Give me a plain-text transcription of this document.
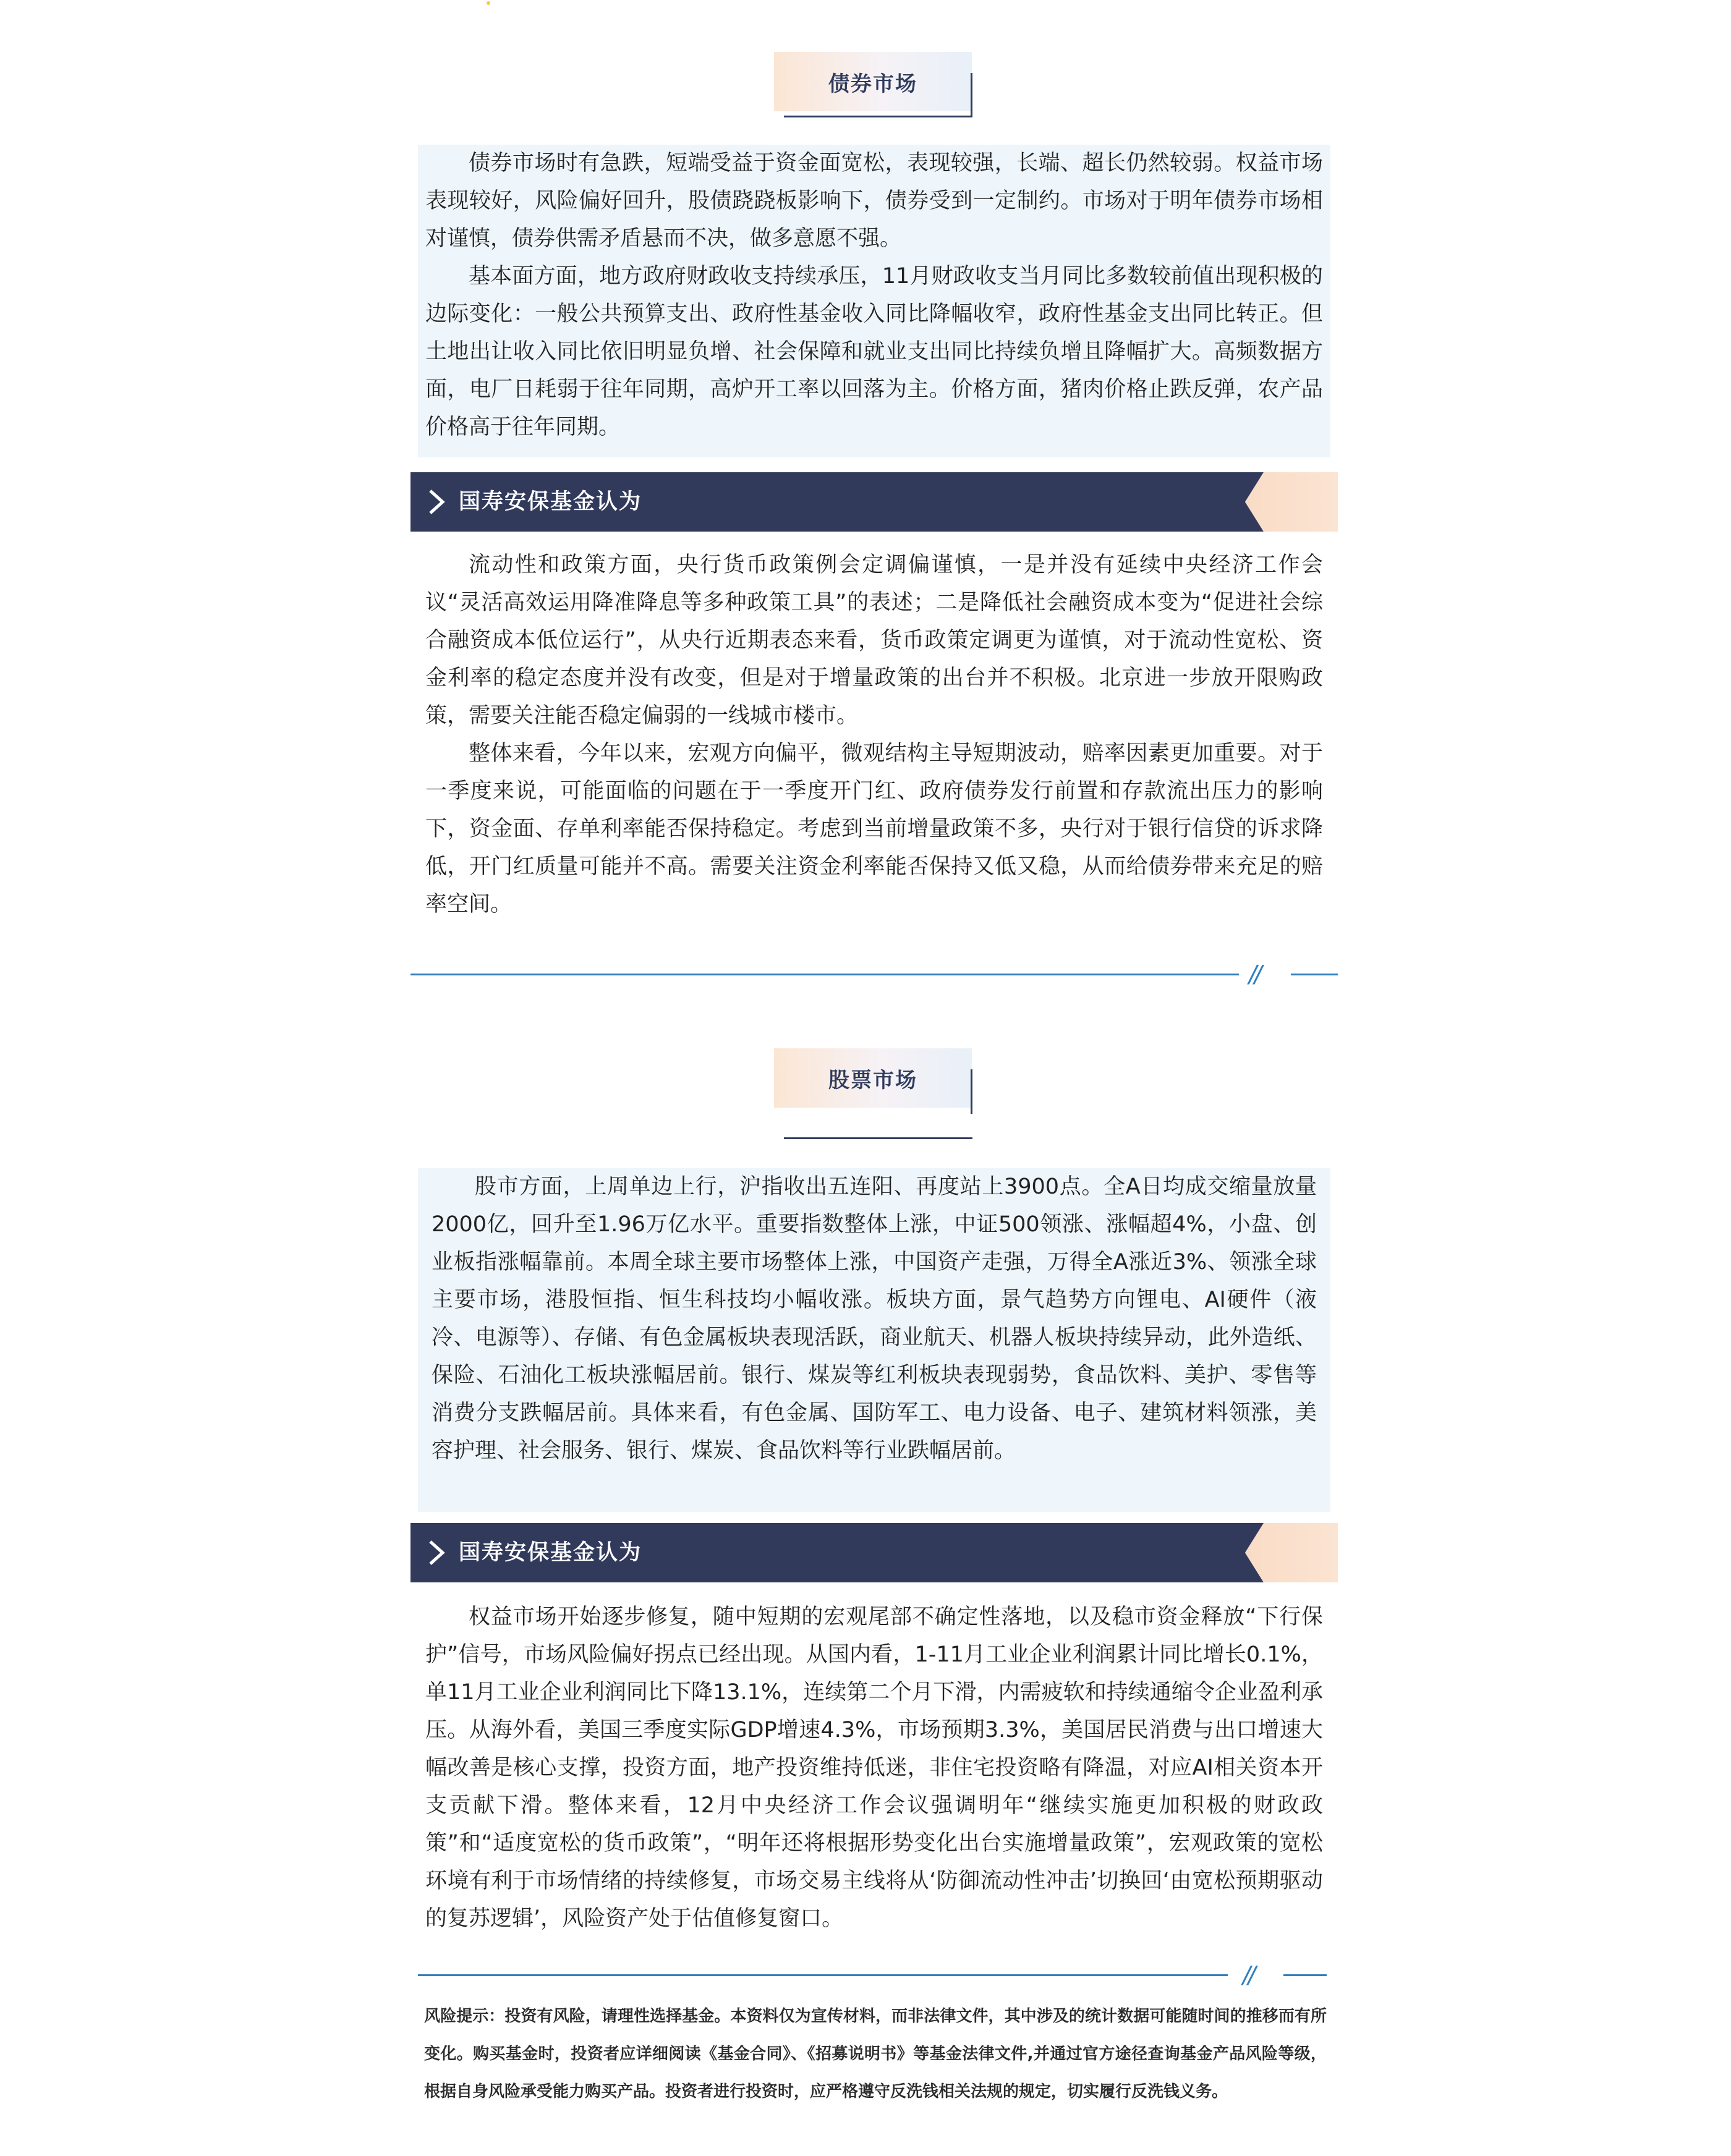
债券市场

债券市场时有急跌，短端受益于资金面宽松，表现较强，长端、超长仍然较弱。权益市场表现较好，风险偏好回升，股债跷跷板影响下，债券受到一定制约。市场对于明年债券市场相对谨慎，债券供需矛盾悬而不决，做多意愿不强。

基本面方面，地方政府财政收支持续承压，11月财政收支当月同比多数较前值出现积极的边际变化：一般公共预算支出、政府性基金收入同比降幅收窄，政府性基金支出同比转正。但土地出让收入同比依旧明显负增、社会保障和就业支出同比持续负增且降幅扩大。高频数据方面，电厂日耗弱于往年同期，高炉开工率以回落为主。价格方面，猪肉价格止跌反弹，农产品价格高于往年同期。

国寿安保基金认为

流动性和政策方面，央行货币政策例会定调偏谨慎，一是并没有延续中央经济工作会议“灵活高效运用降准降息等多种政策工具”的表述；二是降低社会融资成本变为“促进社会综合融资成本低位运行”，从央行近期表态来看，货币政策定调更为谨慎，对于流动性宽松、资金利率的稳定态度并没有改变，但是对于增量政策的出台并不积极。北京进一步放开限购政策，需要关注能否稳定偏弱的一线城市楼市。

整体来看，今年以来，宏观方向偏平，微观结构主导短期波动，赔率因素更加重要。对于一季度来说，可能面临的问题在于一季度开门红、政府债券发行前置和存款流出压力的影响下，资金面、存单利率能否保持稳定。考虑到当前增量政策不多，央行对于银行信贷的诉求降低，开门红质量可能并不高。需要关注资金利率能否保持又低又稳，从而给债券带来充足的赔率空间。

//
股票市场

股市方面，上周单边上行，沪指收出五连阳、再度站上3900点。全A日均成交缩量放量2000亿，回升至1.96万亿水平。重要指数整体上涨，中证500领涨、涨幅超4%，小盘、创业板指涨幅靠前。本周全球主要市场整体上涨，中国资产走强，万得全A涨近3%、领涨全球主要市场，港股恒指、恒生科技均小幅收涨。板块方面，景气趋势方向锂电、AI硬件（液冷、电源等）、存储、有色金属板块表现活跃，商业航天、机器人板块持续异动，此外造纸、保险、石油化工板块涨幅居前。银行、煤炭等红利板块表现弱势，食品饮料、美护、零售等消费分支跌幅居前。具体来看，有色金属、国防军工、电力设备、电子、建筑材料领涨，美容护理、社会服务、银行、煤炭、食品饮料等行业跌幅居前。

国寿安保基金认为

权益市场开始逐步修复，随中短期的宏观尾部不确定性落地，以及稳市资金释放“下行保护”信号，市场风险偏好拐点已经出现。从国内看，1-11月工业企业利润累计同比增长0.1%，单11月工业企业利润同比下降13.1%，连续第二个月下滑，内需疲软和持续通缩令企业盈利承压。从海外看，美国三季度实际GDP增速4.3%，市场预期3.3%，美国居民消费与出口增速大幅改善是核心支撑，投资方面，地产投资维持低迷，非住宅投资略有降温，对应AI相关资本开支贡献下滑。整体来看，12月中央经济工作会议强调明年“继续实施更加积极的财政政策”和“适度宽松的货币政策”，“明年还将根据形势变化出台实施增量政策”，宏观政策的宽松环境有利于市场情绪的持续修复，市场交易主线将从‘防御流动性冲击’切换回‘由宽松预期驱动的复苏逻辑’，风险资产处于估值修复窗口。

//

风险提示：投资有风险，请理性选择基金。本资料仅为宣传材料，而非法律文件，其中涉及的统计数据可能随时间的推移而有所变化。购买基金时，投资者应详细阅读《基金合同》、《招募说明书》等基金法律文件,并通过官方途径查询基金产品风险等级，根据自身风险承受能力购买产品。投资者进行投资时，应严格遵守反洗钱相关法规的规定，切实履行反洗钱义务。
